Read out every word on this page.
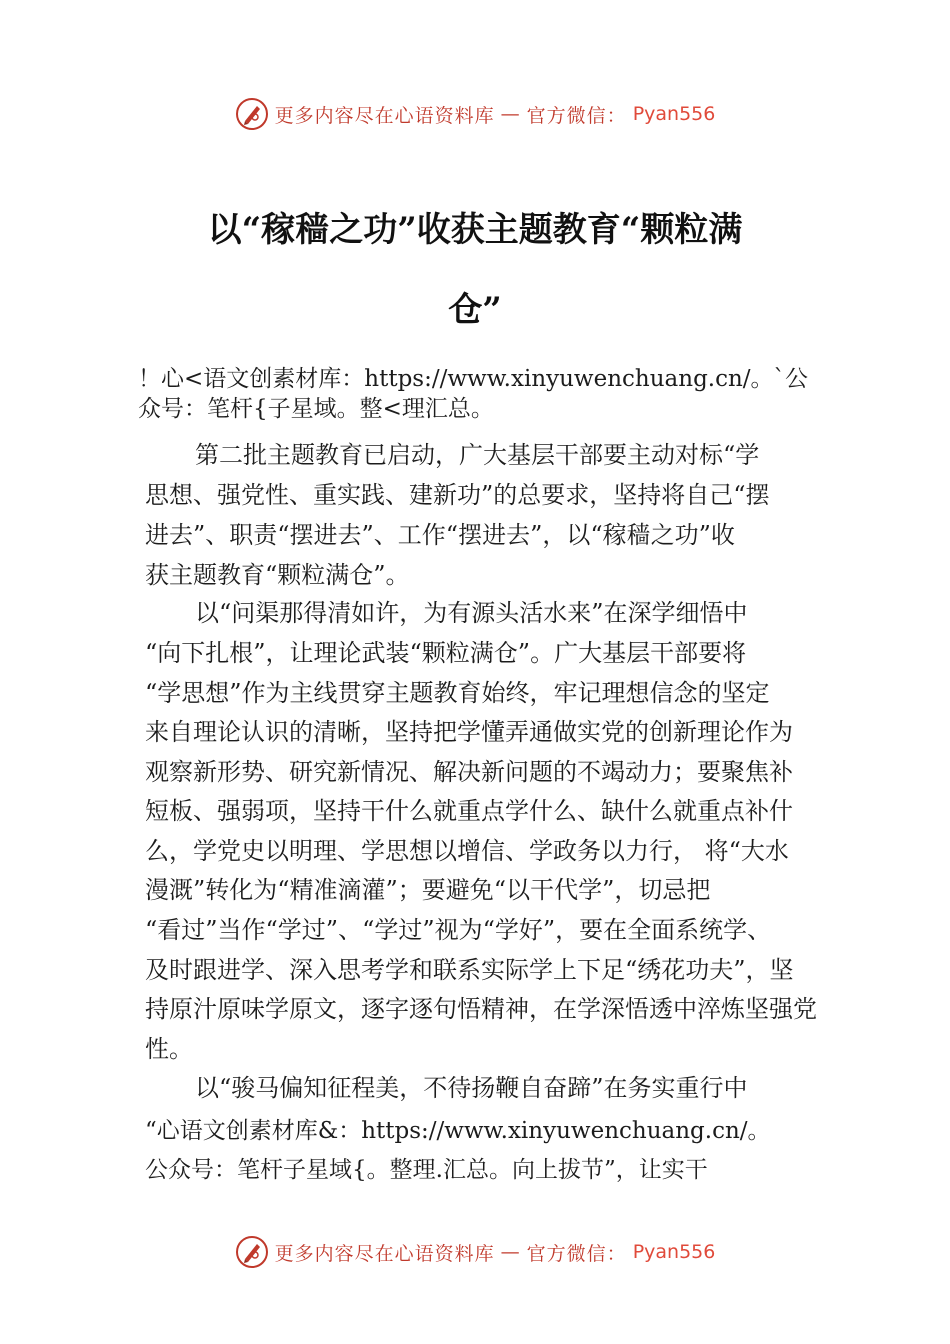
更多内容尽在心语资料库 — 官方微信： Pyan556
以“稼穑之功”收获主题教育“颗粒满
仓”
！心<语文创素材库：https://www.xinyuwenchuang.cn/。`公
众号：笔杆{子星域。整<理汇总。
第二批主题教育已启动，广大基层干部要主动对标“学
思想、强党性、重实践、建新功”的总要求，坚持将自己“摆
进去”、职责“摆进去”、工作“摆进去”，以“稼穑之功”收
获主题教育“颗粒满仓”。
以“问渠那得清如许，为有源头活水来”在深学细悟中
“向下扎根”，让理论武装“颗粒满仓”。广大基层干部要将
“学思想”作为主线贯穿主题教育始终，牢记理想信念的坚定
来自理论认识的清晰，坚持把学懂弄通做实党的创新理论作为
观察新形势、研究新情况、解决新问题的不竭动力；要聚焦补
短板、强弱项，坚持干什么就重点学什么、缺什么就重点补什
么，学党史以明理、学思想以增信、学政务以力行， 将“大水
漫溉”转化为“精准滴灌”；要避免“以干代学”，切忌把
“看过”当作“学过”、“学过”视为“学好”，要在全面系统学、
及时跟进学、深入思考学和联系实际学上下足“绣花功夫”，坚
持原汁原味学原文，逐字逐句悟精神，在学深悟透中淬炼坚强党
性。
以“骏马偏知征程美，不待扬鞭自奋蹄”在务实重行中
“心语文创素材库&：https://www.xinyuwenchuang.cn/。
公众号：笔杆子星域{。整理.汇总。向上拔节”，让实干
更多内容尽在心语资料库 — 官方微信： Pyan556
